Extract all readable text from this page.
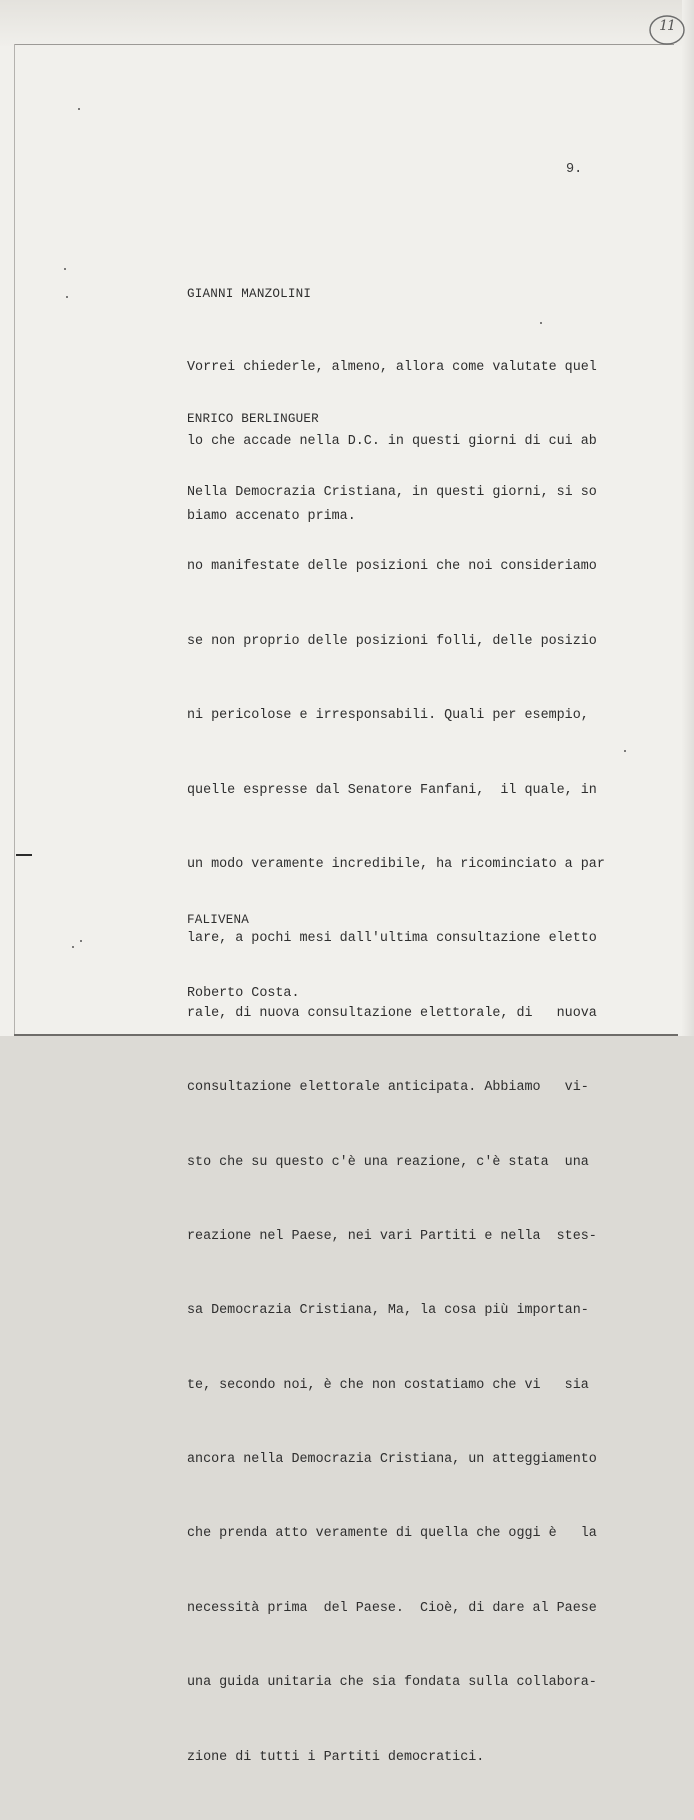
11
9.

GIANNI MANZOLINI

Vorrei chiederle, almeno, allora come valutate quel

lo che accade nella D.C. in questi giorni di cui ab

biamo accenato prima.

ENRICO BERLINGUER

Nella Democrazia Cristiana, in questi giorni, si so

no manifestate delle posizioni che noi consideriamo

se non proprio delle posizioni folli, delle posizio

ni pericolose e irresponsabili. Quali per esempio,

quelle espresse dal Senatore Fanfani,  il quale, in

un modo veramente incredibile, ha ricominciato a par

lare, a pochi mesi dall'ultima consultazione eletto

rale, di nuova consultazione elettorale, di   nuova

consultazione elettorale anticipata. Abbiamo   vi-

sto che su questo c'è una reazione, c'è stata  una

reazione nel Paese, nei vari Partiti e nella  stes-

sa Democrazia Cristiana, Ma, la cosa più importan-

te, secondo noi, è che non costatiamo che vi   sia

ancora nella Democrazia Cristiana, un atteggiamento

che prenda atto veramente di quella che oggi è   la

necessità prima  del Paese.  Cioè, di dare al Paese

una guida unitaria che sia fondata sulla collabora-

zione di tutti i Partiti democratici.

FALIVENA

Roberto Costa.
